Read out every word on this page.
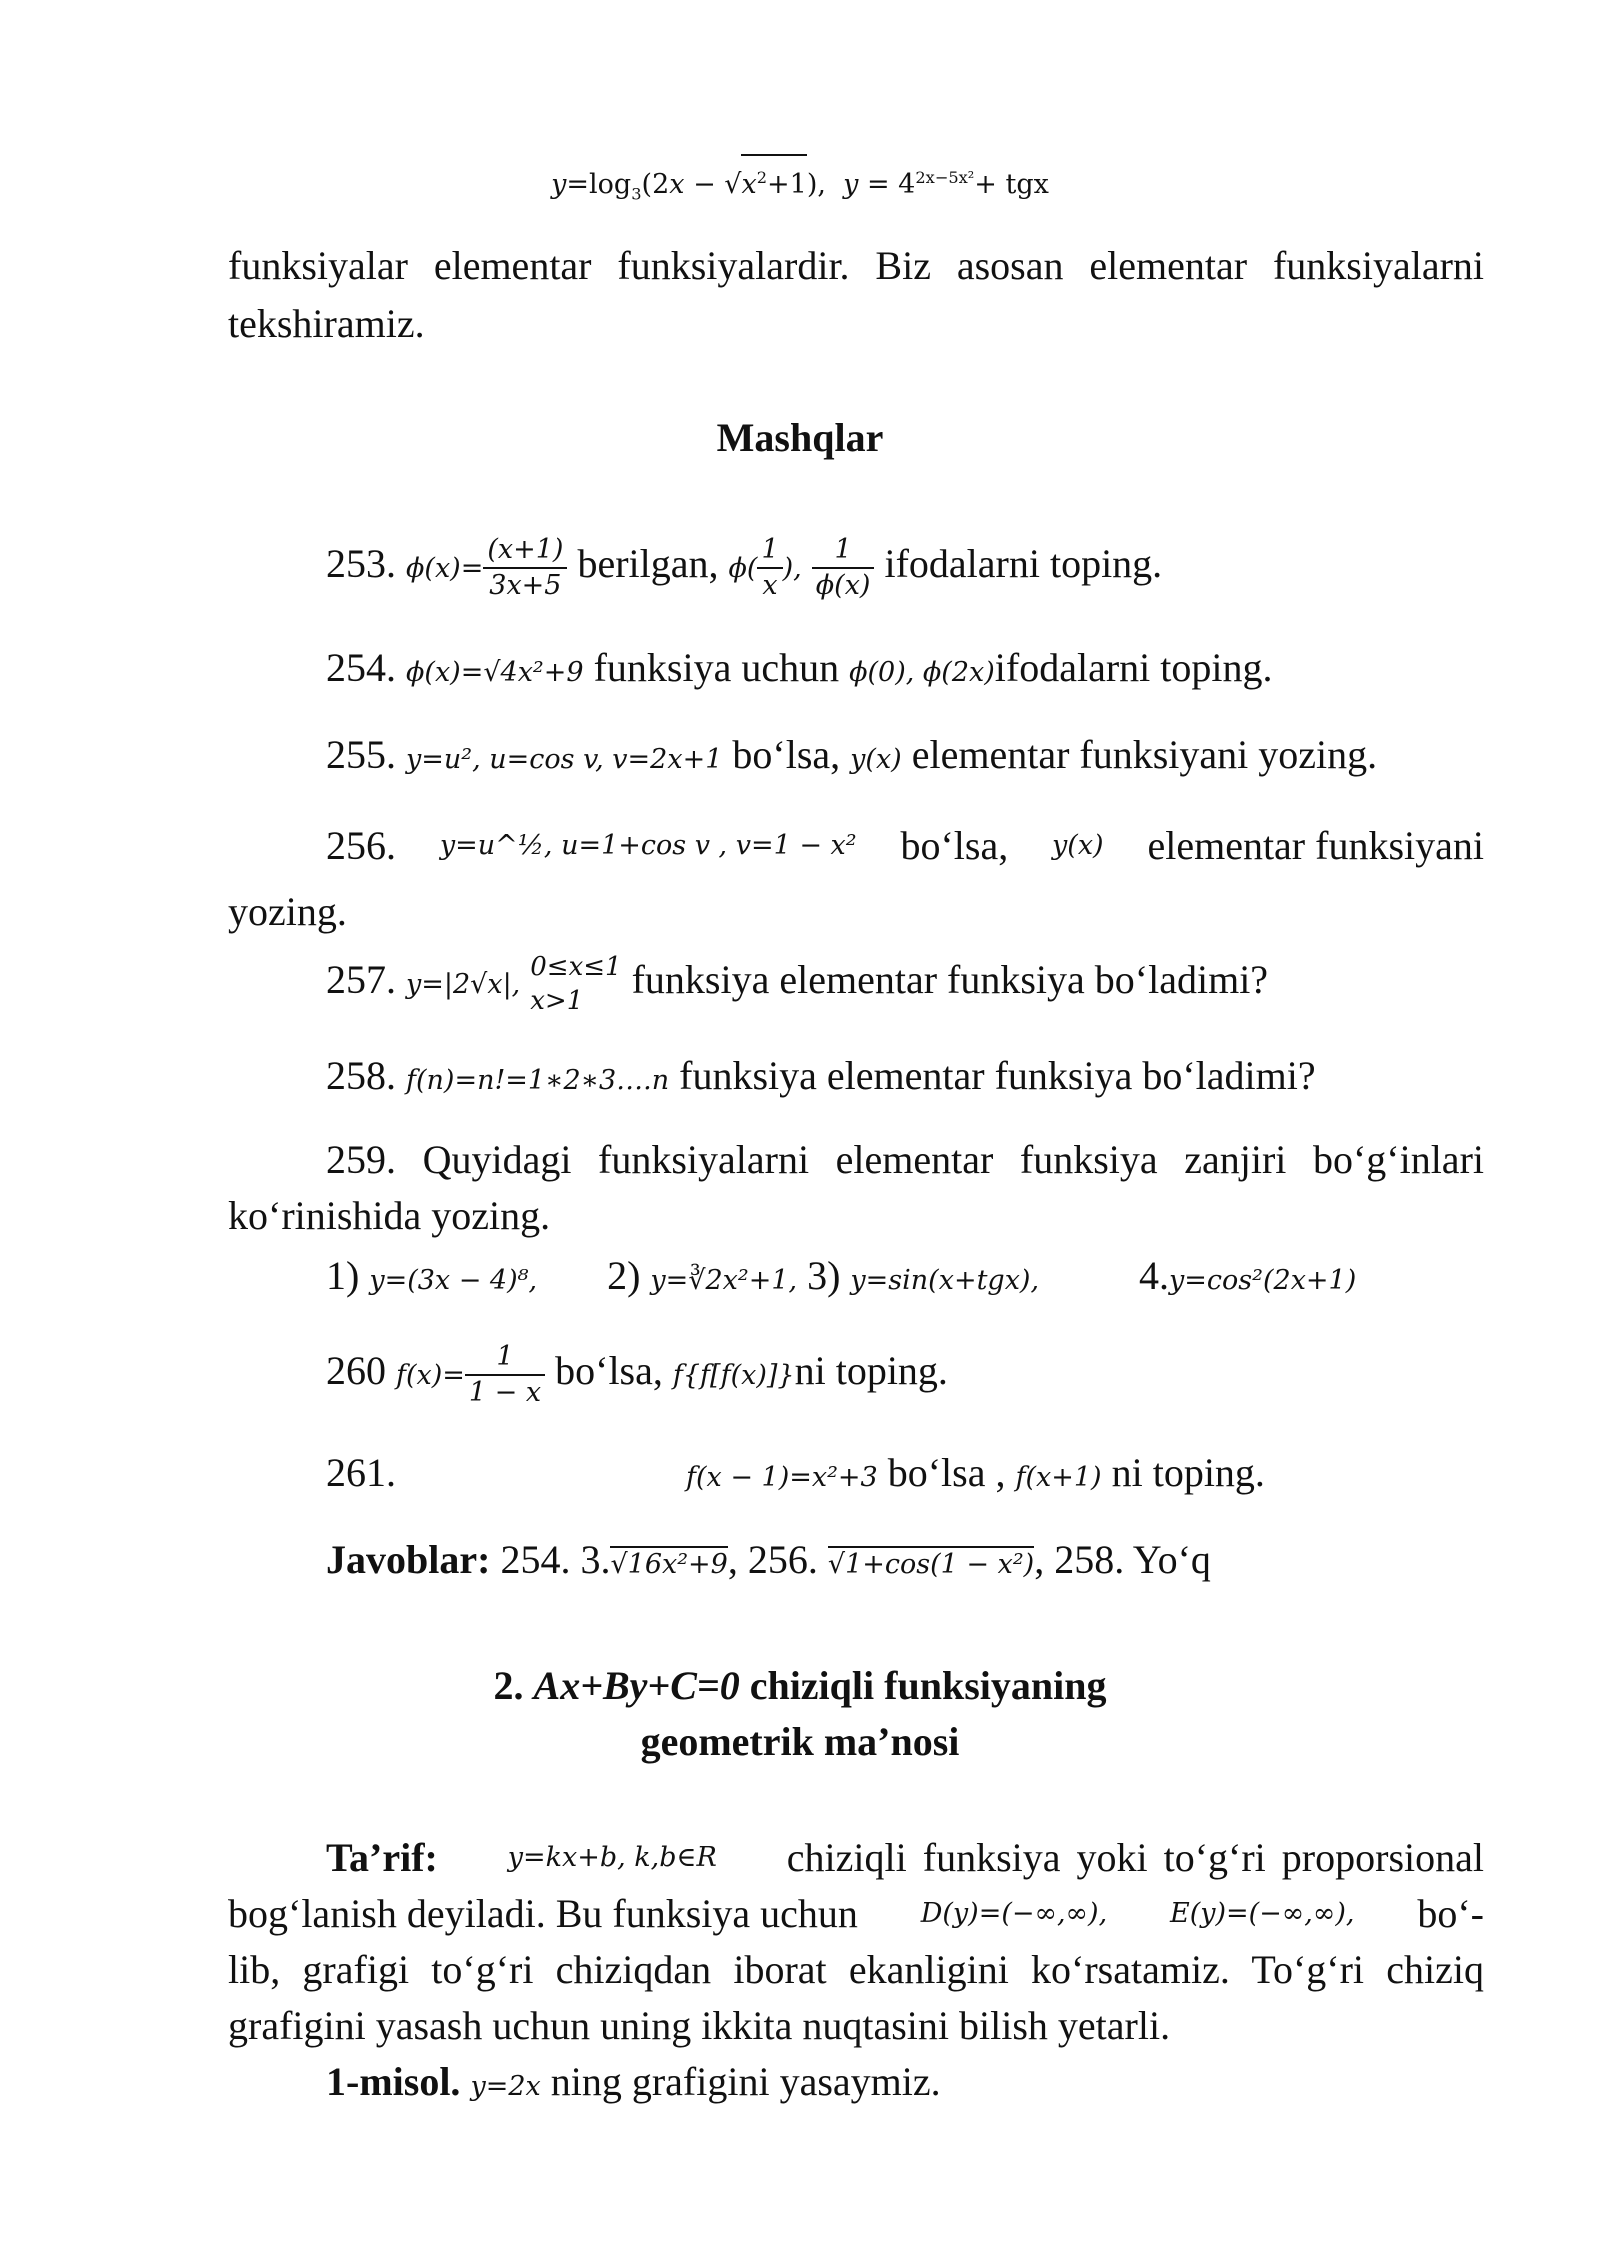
$y=\log_3(2x - √x^2+1)$,  $y = 4^{2x-5x^2}+$ tgx
funksiyalar elementar funksiyalardir. Biz asosan elementar funksiyalarni
tekshiramiz.
Mashqlar
253. $\phi(x)= \frac{(x+1)}{3x+5}$ berilgan, $\phi( \frac{1}{x}$ ), $\frac{1}{\phi(x)}$ ifodalarni toping.
254. ϕ(x)=√4x²+9 funksiya uchun ϕ(0), ϕ(2x)ifodalarni toping.
255. y=u², u=cos v, v=2x+1 bo‘lsa, y(x) elementar funksiyani yozing.
256. y=u^½, u=1+cos v , v=1 − x² bo‘lsa, y(x) elementar funksiyani
yozing.
257. y=|2√x|,
0≤x≤1
x>1	funksiya elementar funksiya bo‘ladimi?
258. f(n)=n!=1∗2∗3….n funksiya elementar funksiya bo‘ladimi?
259. Quyidagi funksiyalarni elementar funksiya zanjiri bo‘g‘inlari
ko‘rinishida yozing.
1) y=(3x − 4)⁸, 2) y=∛2x²+1, 3) y=sin(x+tgx),	4.y=cos²(2x+1)
260 $f(x)= \frac{1}{1 - x}$ bo‘lsa, f{f[f(x)]}ni toping.
261.	f(x − 1)=x²+3 bo‘lsa , f(x+1) ni toping.
Javoblar: 254. 3.√16x²+9, 256. √1+cos(1 − x²), 258. Yo‘q
2. Ax+By+C=0 chiziqli funksiyaning
geometrik ma’nosi
Ta’rif:	y=kx+b, k,b∈R chiziqli funksiya yoki to‘g‘ri proporsional
bog‘lanish deyiladi. Bu funksiya uchun D(y)=(−∞,∞), E(y)=(−∞,∞), bo‘-
lib, grafigi to‘g‘ri chiziqdan iborat ekanligini ko‘rsatamiz. To‘g‘ri chiziq
grafigini yasash uchun uning ikkita nuqtasini bilish yetarli.
1-misol. y=2x ning grafigini yasaymiz.
